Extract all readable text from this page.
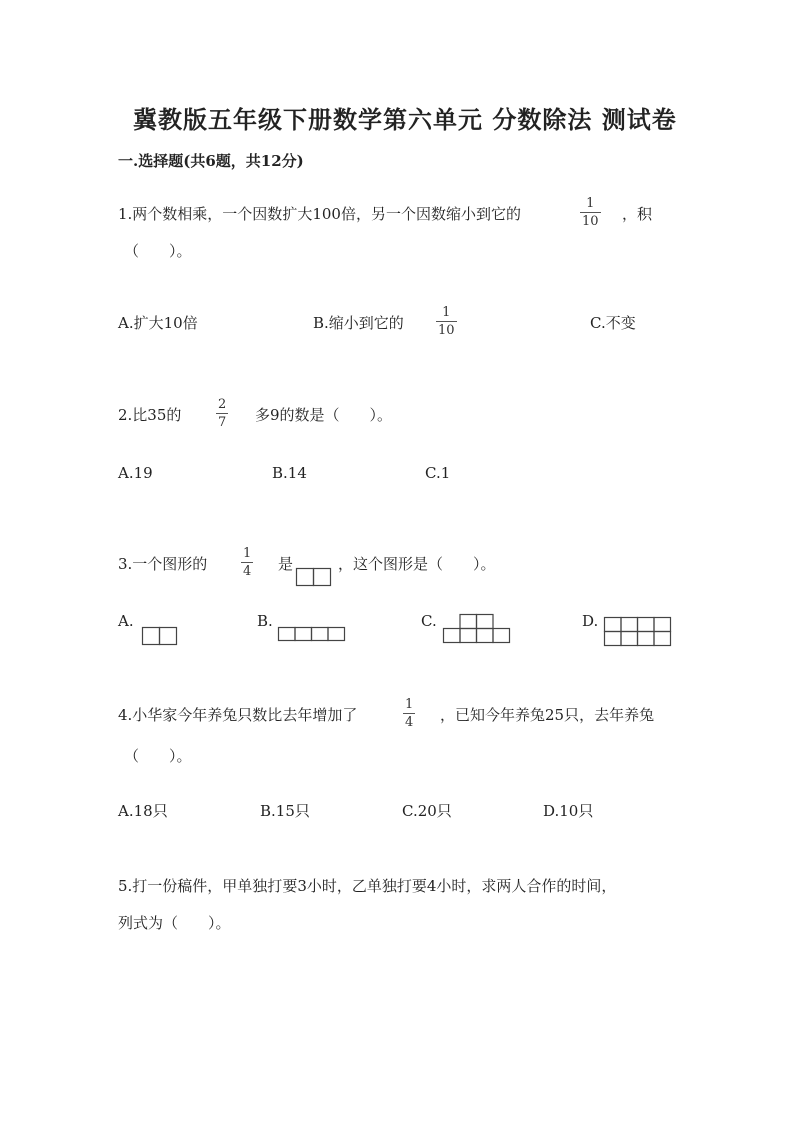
冀教版五年级下册数学第六单元 分数除法 测试卷
一.选择题(共6题，共12分)
1.两个数相乘，一个因数扩大100倍，另一个因数缩小到它的
1
10 ，积
（　　）。
A.扩大10倍	B.缩小到它的
1
10	C.不变
2.比35的
2
7 多9的数是（　　）。
A.19	B.14	C.1
3.一个图形的
1
4 是	，这个图形是（　　）。
A.	B.	C.	D.
4.小华家今年养兔只数比去年增加了
1
4 ，已知今年养兔25只，去年养兔
（　　）。
A.18只	B.15只	C.20只	D.10只
5.打一份稿件，甲单独打要3小时，乙单独打要4小时，求两人合作的时间，
列式为（　　）。
